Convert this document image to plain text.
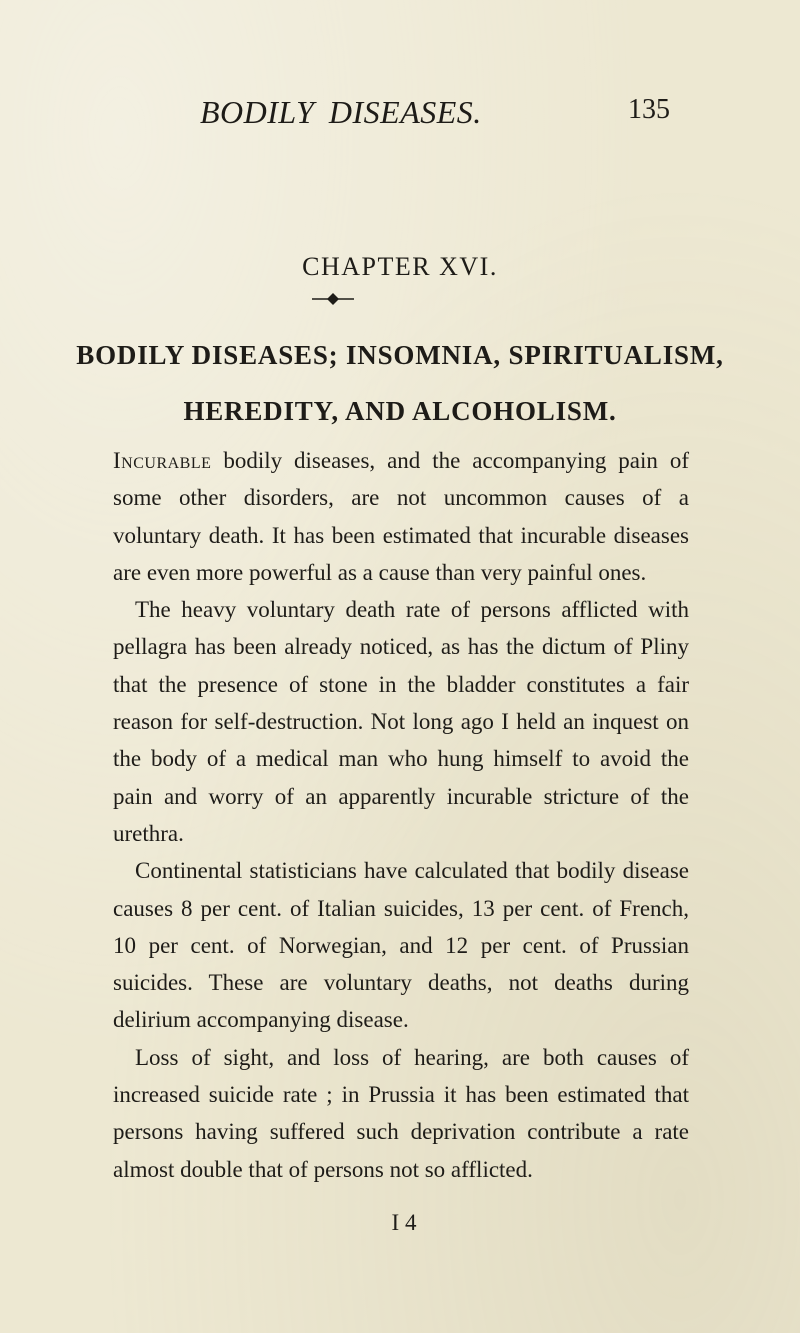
BODILY DISEASES.	135
CHAPTER XVI.
BODILY DISEASES; INSOMNIA, SPIRITUALISM,
HEREDITY, AND ALCOHOLISM.

Incurable bodily diseases, and the accompanying pain of some other disorders, are not uncommon causes of a voluntary death. It has been estimated that incurable diseases are even more powerful as a cause than very painful ones.

The heavy voluntary death rate of persons afflicted with pellagra has been already noticed, as has the dictum of Pliny that the presence of stone in the bladder constitutes a fair reason for self-destruction. Not long ago I held an inquest on the body of a medical man who hung himself to avoid the pain and worry of an apparently incurable stricture of the urethra.

Continental statisticians have calculated that bodily disease causes 8 per cent. of Italian suicides, 13 per cent. of French, 10 per cent. of Norwegian, and 12 per cent. of Prussian suicides. These are voluntary deaths, not deaths during delirium accompanying disease.

Loss of sight, and loss of hearing, are both causes of increased suicide rate ; in Prussia it has been estimated that persons having suffered such deprivation contribute a rate almost double that of persons not so afflicted.

I 4
